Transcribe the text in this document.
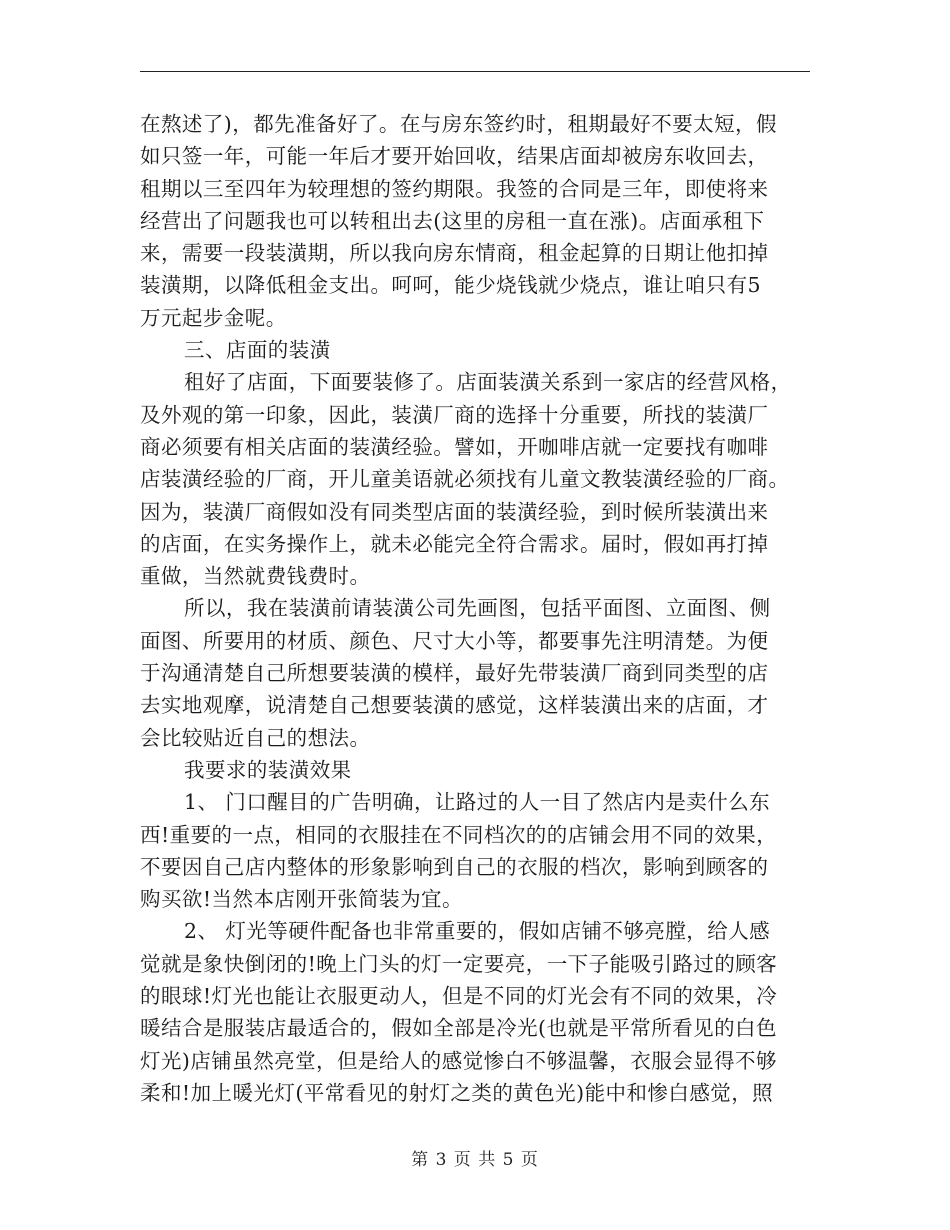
在熬述了)，都先准备好了。在与房东签约时，租期最好不要太短，假
如只签一年，可能一年后才要开始回收，结果店面却被房东收回去，
租期以三至四年为较理想的签约期限。我签的合同是三年，即使将来
经营出了问题我也可以转租出去(这里的房租一直在涨)。店面承租下
来，需要一段装潢期，所以我向房东情商，租金起算的日期让他扣掉
装潢期，以降低租金支出。呵呵，能少烧钱就少烧点，谁让咱只有5
万元起步金呢。
三、店面的装潢
租好了店面，下面要装修了。店面装潢关系到一家店的经营风格，
及外观的第一印象，因此，装潢厂商的选择十分重要，所找的装潢厂
商必须要有相关店面的装潢经验。譬如，开咖啡店就一定要找有咖啡
店装潢经验的厂商，开儿童美语就必须找有儿童文教装潢经验的厂商。
因为，装潢厂商假如没有同类型店面的装潢经验，到时候所装潢出来
的店面，在实务操作上，就未必能完全符合需求。届时，假如再打掉
重做，当然就费钱费时。
所以，我在装潢前请装潢公司先画图，包括平面图、立面图、侧
面图、所要用的材质、颜色、尺寸大小等，都要事先注明清楚。为便
于沟通清楚自己所想要装潢的模样，最好先带装潢厂商到同类型的店
去实地观摩，说清楚自己想要装潢的感觉，这样装潢出来的店面，才
会比较贴近自己的想法。
我要求的装潢效果
1、 门口醒目的广告明确，让路过的人一目了然店内是卖什么东
西!重要的一点，相同的衣服挂在不同档次的的店铺会用不同的效果，
不要因自己店内整体的形象影响到自己的衣服的档次，影响到顾客的
购买欲!当然本店刚开张简装为宜。
2、 灯光等硬件配备也非常重要的，假如店铺不够亮膛，给人感
觉就是象快倒闭的!晚上门头的灯一定要亮，一下子能吸引路过的顾客
的眼球!灯光也能让衣服更动人，但是不同的灯光会有不同的效果，冷
暖结合是服装店最适合的，假如全部是冷光(也就是平常所看见的白色
灯光)店铺虽然亮堂，但是给人的感觉惨白不够温馨，衣服会显得不够
柔和!加上暖光灯(平常看见的射灯之类的黄色光)能中和惨白感觉，照
第 3 页 共 5 页
